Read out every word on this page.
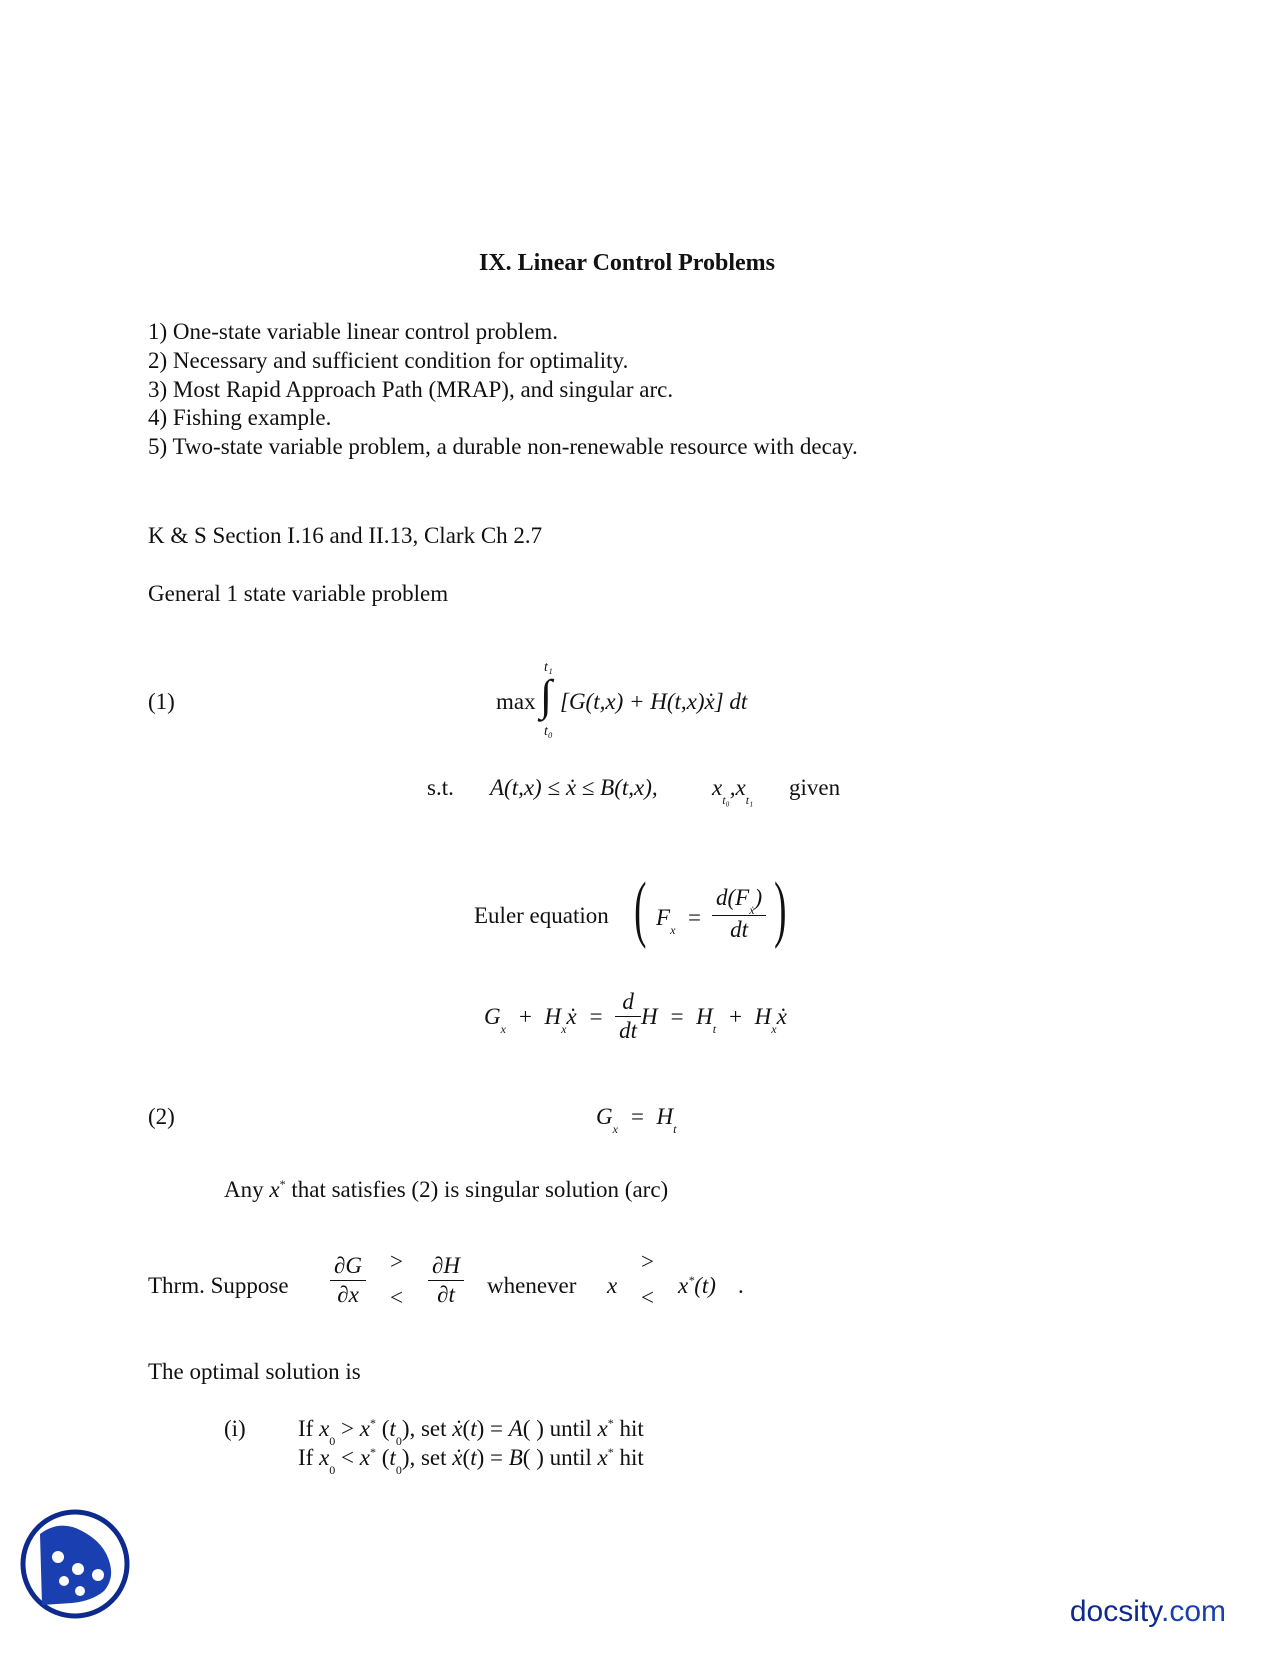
IX. Linear Control Problems
1) One-state variable linear control problem.
2) Necessary and sufficient condition for optimality.
3) Most Rapid Approach Path (MRAP), and singular arc.
4) Fishing example.
5) Two-state variable problem, a durable non-renewable resource with decay.
K & S Section I.16 and II.13, Clark Ch 2.7
General 1 state variable problem
(1)	max ∫
t₁
t₀
[G(t,x) + H(t,x)ẋ] dt
s.t. A(t,x) ≤ ẋ ≤ B(t,x), $x_{t_0},x_{t_1}$ given
Euler equation ( $F_x = \frac{d(F_ẋ)}{dt}$ )
$G_x$  +  $H_xẋ = \frac{d}{dt}$ $H = H_t$  +  $H_xẋ$
(2)	$G_x = H_t$
Any x* that satisfies (2) is singular solution (arc)
Thrm. Suppose $\frac{\partial G}{\partial x}$ >
< $\frac{\partial H}{\partial t}$ whenever x
>
< x*(t) .
The optimal solution is
(i) If $x_0 > x^*$ $(t_0)$, set ẋ(t) = A( ) until x* hit
If $x_0 < x^*$ $(t_0)$, set ẋ(t) = B( ) until x* hit
docsity.com
